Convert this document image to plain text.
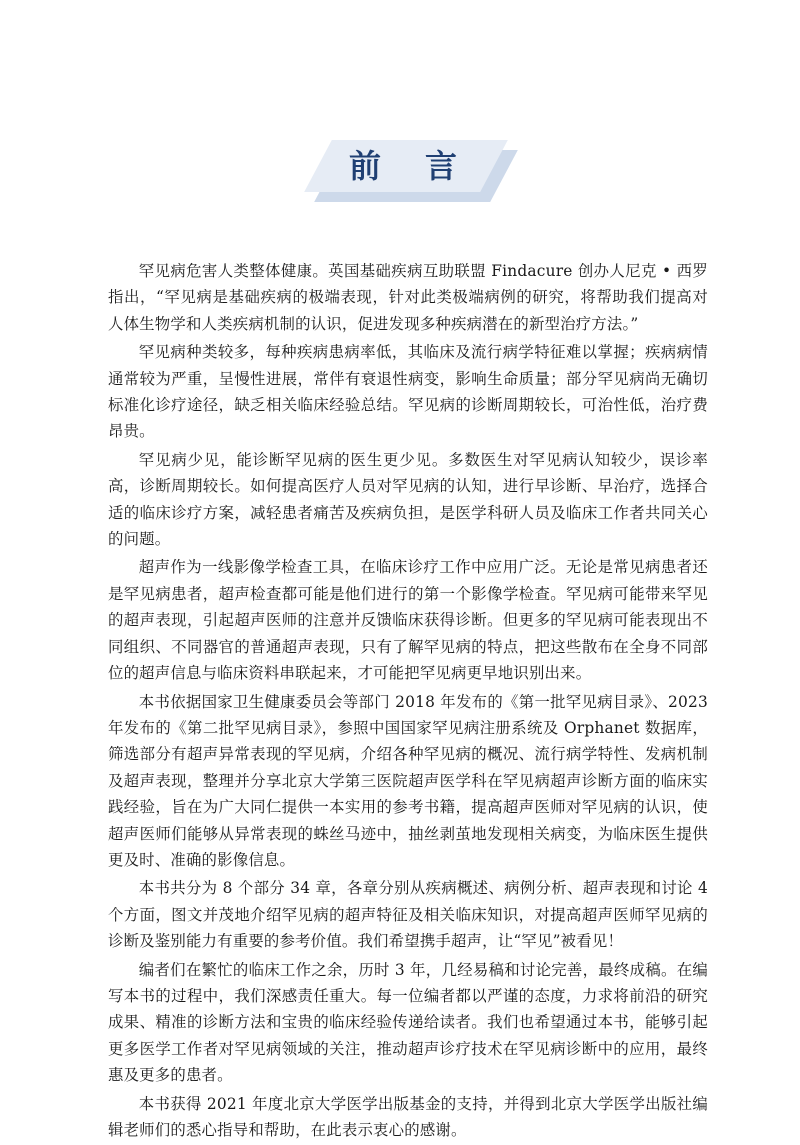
前　言

罕见病危害人类整体健康。英国基础疾病互助联盟 Findacure 创办人尼克 • 西罗指出，“罕见病是基础疾病的极端表现，针对此类极端病例的研究，将帮助我们提高对人体生物学和人类疾病机制的认识，促进发现多种疾病潜在的新型治疗方法。”

罕见病种类较多，每种疾病患病率低，其临床及流行病学特征难以掌握；疾病病情通常较为严重，呈慢性进展，常伴有衰退性病变，影响生命质量；部分罕见病尚无确切标准化诊疗途径，缺乏相关临床经验总结。罕见病的诊断周期较长，可治性低，治疗费昂贵。

罕见病少见，能诊断罕见病的医生更少见。多数医生对罕见病认知较少，误诊率高，诊断周期较长。如何提高医疗人员对罕见病的认知，进行早诊断、早治疗，选择合适的临床诊疗方案，减轻患者痛苦及疾病负担，是医学科研人员及临床工作者共同关心的问题。

超声作为一线影像学检查工具，在临床诊疗工作中应用广泛。无论是常见病患者还是罕见病患者，超声检查都可能是他们进行的第一个影像学检查。罕见病可能带来罕见的超声表现，引起超声医师的注意并反馈临床获得诊断。但更多的罕见病可能表现出不同组织、不同器官的普通超声表现，只有了解罕见病的特点，把这些散布在全身不同部位的超声信息与临床资料串联起来，才可能把罕见病更早地识别出来。

本书依据国家卫生健康委员会等部门 2018 年发布的《第一批罕见病目录》、2023 年发布的《第二批罕见病目录》，参照中国国家罕见病注册系统及 Orphanet 数据库，筛选部分有超声异常表现的罕见病，介绍各种罕见病的概况、流行病学特性、发病机制及超声表现，整理并分享北京大学第三医院超声医学科在罕见病超声诊断方面的临床实践经验，旨在为广大同仁提供一本实用的参考书籍，提高超声医师对罕见病的认识，使超声医师们能够从异常表现的蛛丝马迹中，抽丝剥茧地发现相关病变，为临床医生提供更及时、准确的影像信息。

本书共分为 8 个部分 34 章，各章分别从疾病概述、病例分析、超声表现和讨论 4 个方面，图文并茂地介绍罕见病的超声特征及相关临床知识，对提高超声医师罕见病的诊断及鉴别能力有重要的参考价值。我们希望携手超声，让“罕见”被看见！

编者们在繁忙的临床工作之余，历时 3 年，几经易稿和讨论完善，最终成稿。在编写本书的过程中，我们深感责任重大。每一位编者都以严谨的态度，力求将前沿的研究成果、精准的诊断方法和宝贵的临床经验传递给读者。我们也希望通过本书，能够引起更多医学工作者对罕见病领域的关注，推动超声诊疗技术在罕见病诊断中的应用，最终惠及更多的患者。

本书获得 2021 年度北京大学医学出版基金的支持，并得到北京大学医学出版社编辑老师们的悉心指导和帮助，在此表示衷心的感谢。
